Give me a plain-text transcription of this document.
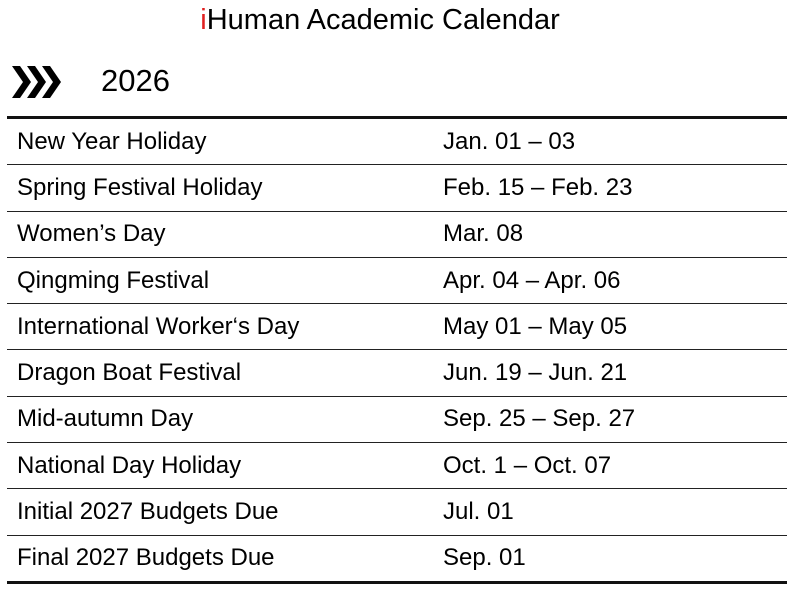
iHuman Academic Calendar
2026
New Year Holiday	Jan. 01 – 03
Spring Festival Holiday	Feb. 15 – Feb. 23
Women’s Day	Mar. 08
Qingming Festival	Apr. 04 – Apr. 06
International Worker‘s Day	May 01 – May 05
Dragon Boat Festival	Jun. 19 – Jun. 21
Mid-autumn Day	Sep. 25 – Sep. 27
National Day Holiday	Oct. 1 – Oct. 07
Initial 2027 Budgets Due	Jul. 01
Final 2027 Budgets Due	Sep. 01
